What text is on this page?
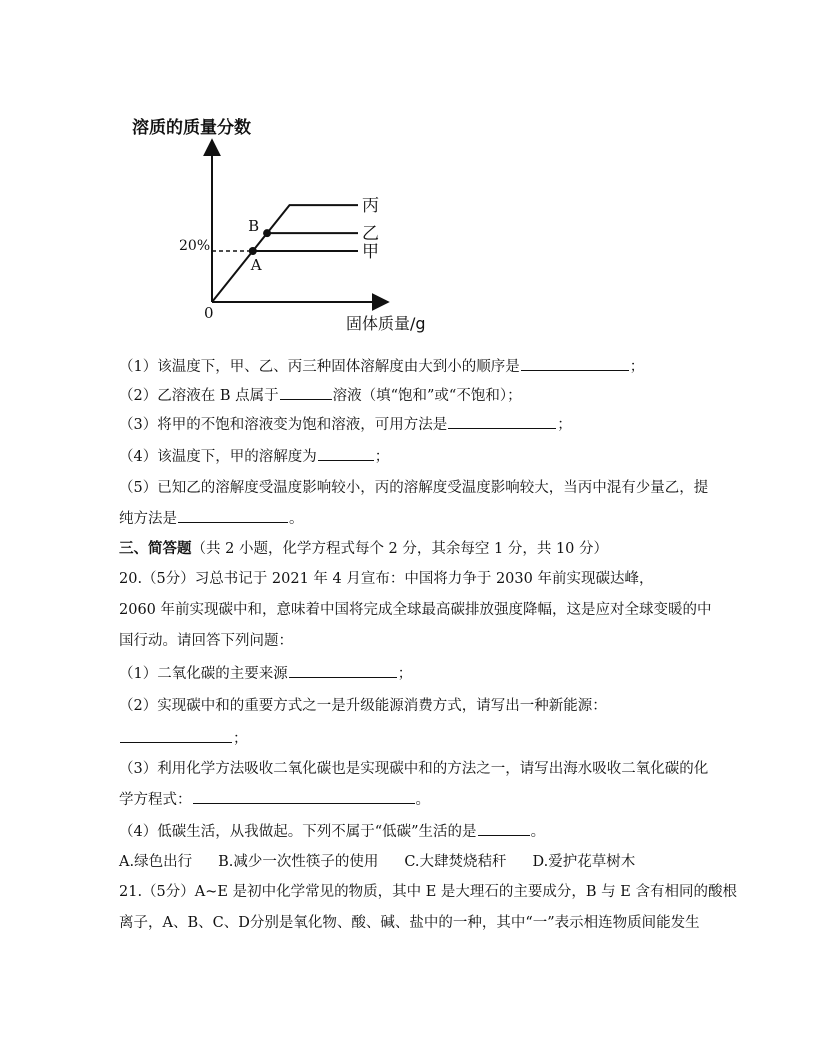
溶质的质量分数
0
固体质量/g
20%
丙
乙
甲
A
B
（1）该温度下，甲、乙、丙三种固体溶解度由大到小的顺序是	；
（2）乙溶液在 B 点属于	溶液（填“饱和”或“不饱和）；
（3）将甲的不饱和溶液变为饱和溶液，可用方法是	；
（4）该温度下，甲的溶解度为	；
（5）已知乙的溶解度受温度影响较小，丙的溶解度受温度影响较大，当丙中混有少量乙，提
纯方法是	。
三、简答题（共 2 小题，化学方程式每个 2 分，其余每空 1 分，共 10 分）
20.（5分）习总书记于 2021 年 4 月宣布：中国将力争于 2030 年前实现碳达峰，
2060 年前实现碳中和，意味着中国将完成全球最高碳排放强度降幅，这是应对全球变暖的中
国行动。请回答下列问题：
（1）二氧化碳的主要来源	；
（2）实现碳中和的重要方式之一是升级能源消费方式，请写出一种新能源：
；
（3）利用化学方法吸收二氧化碳也是实现碳中和的方法之一，请写出海水吸收二氧化碳的化
学方程式：	。
（4）低碳生活，从我做起。下列不属于“低碳”生活的是	。
A.绿色出行 B.减少一次性筷子的使用 C.大肆焚烧秸秆 D.爱护花草树木
21.（5分）A~E 是初中化学常见的物质，其中 E 是大理石的主要成分，B 与 E 含有相同的酸根
离子，A、B、C、D分别是氧化物、酸、碱、盐中的一种，其中“一”表示相连物质间能发生
